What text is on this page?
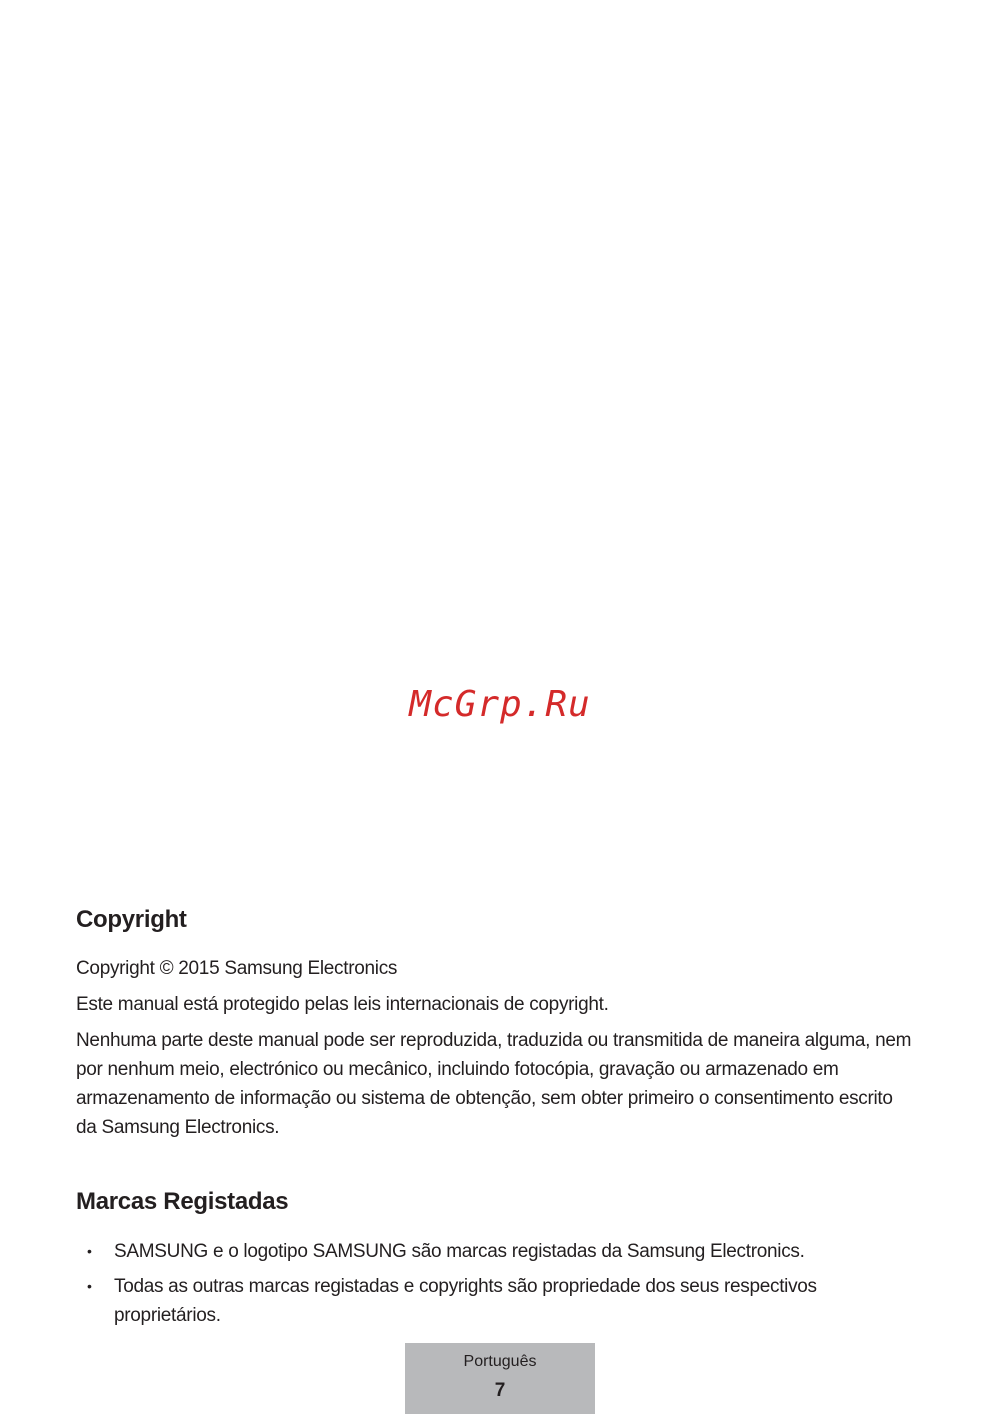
McGrp.Ru
Copyright

Copyright © 2015 Samsung Electronics

Este manual está protegido pelas leis internacionais de copyright.

Nenhuma parte deste manual pode ser reproduzida, traduzida ou transmitida de maneira alguma, nem por nenhum meio, electrónico ou mecânico, incluindo fotocópia, gravação ou armazenado em armazenamento de informação ou sistema de obtenção, sem obter primeiro o consentimento escrito da Samsung Electronics.

Marcas Registadas
• SAMSUNG e o logotipo SAMSUNG são marcas registadas da Samsung Electronics.
• Todas as outras marcas registadas e copyrights são propriedade dos seus respectivos proprietários.
Português
7
